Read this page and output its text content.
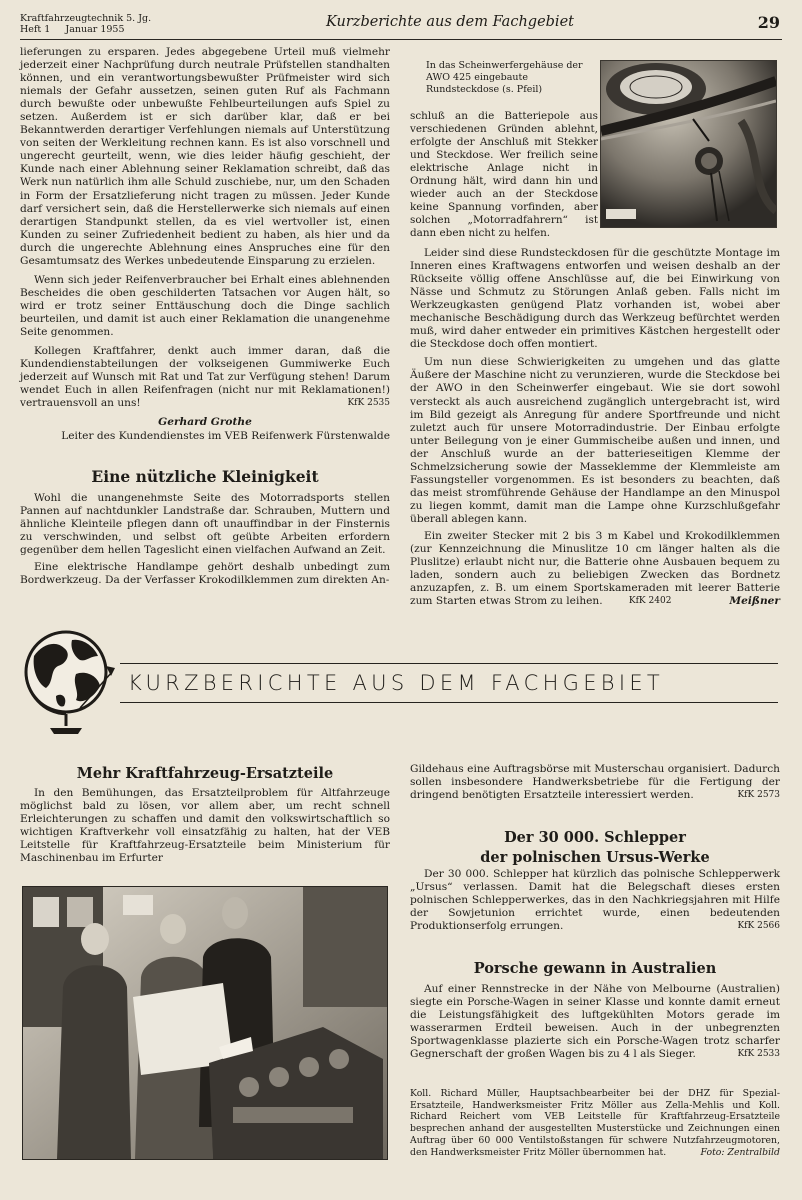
Kraftfahrzeugtechnik 5. Jg.
Heft 1     Januar 1955	Kurzberichte aus dem Fachgebiet	29

lieferungen zu ersparen. Jedes abgegebene Urteil muß vielmehr jederzeit einer Nachprüfung durch neutrale Prüfstellen standhalten können, und ein verantwortungsbewußter Prüfmeister wird sich niemals der Gefahr aussetzen, seinen guten Ruf als Fachmann durch bewußte oder unbewußte Fehlbeurteilungen aufs Spiel zu setzen. Außerdem ist er sich darüber klar, daß er bei Bekanntwerden derartiger Verfehlungen niemals auf Unterstützung von seiten der Werkleitung rechnen kann. Es ist also vorschnell und ungerecht geurteilt, wenn, wie dies leider häufig geschieht, der Kunde nach einer Ablehnung seiner Reklamation schreibt, daß das Werk nun natürlich ihm alle Schuld zuschiebe, nur, um den Schaden in Form der Ersatzlieferung nicht tragen zu müssen. Jeder Kunde darf versichert sein, daß die Herstellerwerke sich niemals auf einen derartigen Standpunkt stellen, da es viel wertvoller ist, einen Kunden zu seiner Zufriedenheit bedient zu haben, als hier und da durch die ungerechte Ablehnung eines Anspruches eine für den Gesamtumsatz des Werkes unbedeutende Einsparung zu erzielen.

Wenn sich jeder Reifenverbraucher bei Erhalt eines ablehnenden Bescheides die oben geschilderten Tatsachen vor Augen hält, so wird er trotz seiner Enttäuschung doch die Dinge sachlich beurteilen, und damit ist auch einer Reklamation die unangenehme Seite genommen.

Kollegen Kraftfahrer, denkt auch immer daran, daß die Kundendienstabteilungen der volkseigenen Gummiwerke Euch jederzeit auf Wunsch mit Rat und Tat zur Verfügung stehen! Darum wendet Euch in allen Reifenfragen (nicht nur mit Reklamationen!) vertrauensvoll an uns!	KfK 2535

Gerhard Grothe
Leiter des Kundendienstes im VEB Reifenwerk Fürstenwalde
In das Scheinwerfergehäuse der AWO 425 eingebaute Rundsteckdose (s. Pfeil)

schluß an die Batteriepole aus verschiedenen Gründen ablehnt, erfolgte der Anschluß mit Stekker und Steckdose. Wer freilich seine elektrische Anlage nicht in Ordnung hält, wird dann hin und wieder auch an der Steckdose keine Spannung vorfinden, aber solchen „Motorradfahrern“ ist dann eben nicht zu helfen.

Leider sind diese Rundsteckdosen für die geschützte Montage im Inneren eines Kraftwagens entworfen und weisen deshalb an der Rückseite völlig offene Anschlüsse auf, die bei Einwirkung von Nässe und Schmutz zu Störungen Anlaß geben. Falls nicht im Werkzeugkasten genügend Platz vorhanden ist, wobei aber mechanische Beschädigung durch das Werkzeug befürchtet werden muß, wird daher entweder ein primitives Kästchen hergestellt oder die Steckdose doch offen montiert.

Um nun diese Schwierigkeiten zu umgehen und das glatte Äußere der Maschine nicht zu verunzieren, wurde die Steckdose bei der AWO in den Scheinwerfer eingebaut. Wie sie dort sowohl versteckt als auch ausreichend zugänglich untergebracht ist, wird im Bild gezeigt als Anregung für andere Sportfreunde und nicht zuletzt auch für unsere Motorradindustrie. Der Einbau erfolgte unter Beilegung von je einer Gummischeibe außen und innen, und der Anschluß wurde an der batterieseitigen Klemme der Schmelzsicherung sowie der Masseklemme der Klemmleiste am Fassungsteller vorgenommen. Es ist besonders zu beachten, daß das meist stromführende Gehäuse der Handlampe an den Minuspol zu liegen kommt, damit man die Lampe ohne Kurzschlußgefahr überall ablegen kann.

Ein zweiter Stecker mit 2 bis 3 m Kabel und Krokodilklemmen (zur Kennzeichnung die Minuslitze 10 cm länger halten als die Pluslitze) erlaubt nicht nur, die Batterie ohne Ausbauen bequem zu laden, sondern auch zu beliebigen Zwecken das Bordnetz anzuzapfen, z. B. um einem Sportskameraden mit leerer Batterie zum Starten etwas Strom zu leihen.	Meißner
KfK 2402

Eine nützliche Kleinigkeit

Wohl die unangenehmste Seite des Motorradsports stellen Pannen auf nachtdunkler Landstraße dar. Schrauben, Muttern und ähnliche Kleinteile pflegen dann oft unauffindbar in der Finsternis zu verschwinden, und selbst oft geübte Arbeiten erfordern gegenüber dem hellen Tageslicht einen vielfachen Aufwand an Zeit.

Eine elektrische Handlampe gehört deshalb unbedingt zum Bordwerkzeug. Da der Verfasser Krokodilklemmen zum direkten An-

KURZBERICHTE AUS DEM FACHGEBIET
Mehr Kraftfahrzeug-Ersatzteile

In den Bemühungen, das Ersatzteilproblem für Altfahrzeuge möglichst bald zu lösen, vor allem aber, um recht schnell Erleichterungen zu schaffen und damit den volkswirtschaftlich so wichtigen Kraftverkehr voll einsatzfähig zu halten, hat der VEB Leitstelle für Kraftfahrzeug-Ersatzteile beim Ministerium für Maschinenbau im Erfurter

Gildehaus eine Auftragsbörse mit Musterschau organisiert. Dadurch sollen insbesondere Handwerksbetriebe für die Fertigung der dringend benötigten Ersatzteile interessiert werden.	KfK 2573

Der 30 000. Schlepper
der polnischen Ursus-Werke

Der 30 000. Schlepper hat kürzlich das polnische Schlepperwerk „Ursus“ verlassen. Damit hat die Belegschaft dieses ersten polnischen Schlepperwerkes, das in den Nachkriegsjahren mit Hilfe der Sowjetunion errichtet wurde, einen bedeutenden Produktionserfolg errungen.	KfK 2566

Porsche gewann in Australien

Auf einer Rennstrecke in der Nähe von Melbourne (Australien) siegte ein Porsche-Wagen in seiner Klasse und konnte damit erneut die Leistungsfähigkeit des luftgekühlten Motors gerade im wasserarmen Erdteil beweisen. Auch in der unbegrenzten Sportwagenklasse plazierte sich ein Porsche-Wagen trotz scharfer Gegnerschaft der großen Wagen bis zu 4 l als Sieger.	KfK 2533

Koll. Richard Müller, Hauptsachbearbeiter bei der DHZ für Spezial-Ersatzteile, Handwerksmeister Fritz Möller aus Zella-Mehlis und Koll. Richard Reichert vom VEB Leitstelle für Kraftfahrzeug-Ersatzteile besprechen anhand der ausgestellten Musterstücke und Zeichnungen einen Auftrag über 60 000 Ventilstoßstangen für schwere Nutzfahrzeugmotoren, den Handwerksmeister Fritz Möller übernommen hat.	Foto: Zentralbild
